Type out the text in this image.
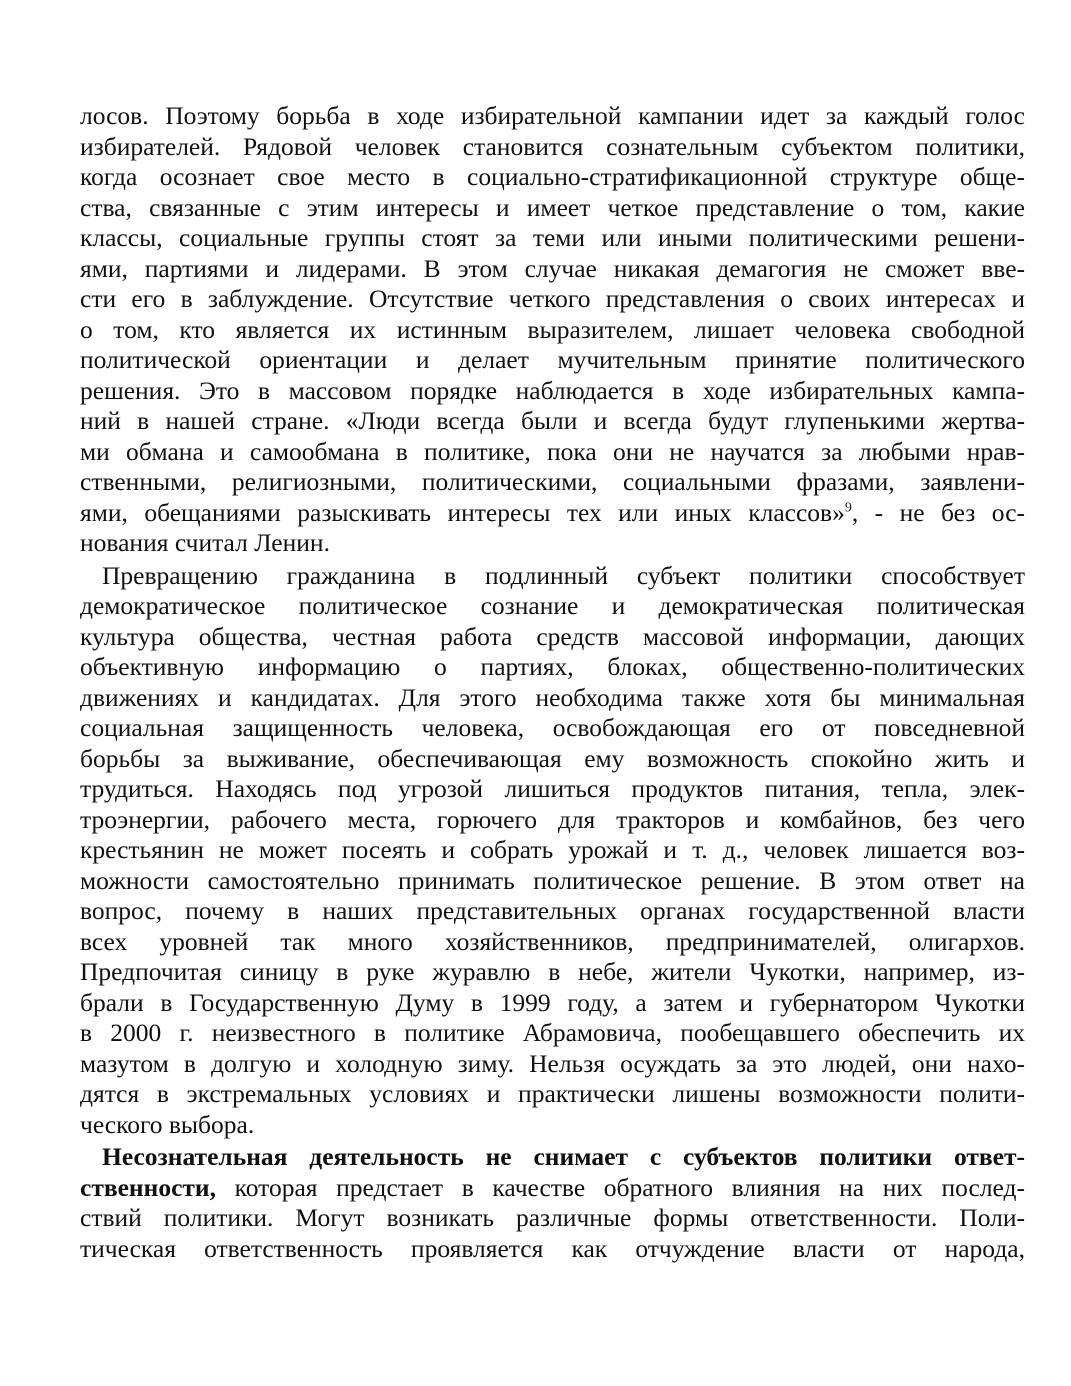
лосов. Поэтому борьба в ходе избирательной кампании идет за каждый голос
избирателей. Рядовой человек становится сознательным субъектом политики,
когда осознает свое место в социально-стратификационной структуре обще-
ства, связанные с этим интересы и имеет четкое представление о том, какие
классы, социальные группы стоят за теми или иными политическими решени-
ями, партиями и лидерами. В этом случае никакая демагогия не сможет вве-
сти его в заблуждение. Отсутствие четкого представления о своих интересах и
о том, кто является их истинным выразителем, лишает человека свободной
политической ориентации и делает мучительным принятие политического
решения. Это в массовом порядке наблюдается в ходе избирательных кампа-
ний в нашей стране. «Люди всегда были и всегда будут глупенькими жертва-
ми обмана и самообмана в политике, пока они не научатся за любыми нрав-
ственными, религиозными, политическими, социальными фразами, заявлени-
ями, обещаниями разыскивать интересы тех или иных классов»$^9$, - не без ос-
нования считал Ленин.
Превращению гражданина в подлинный субъект политики способствует
демократическое политическое сознание и демократическая политическая
культура общества, честная работа средств массовой информации, дающих
объективную информацию о партиях, блоках, общественно-политических
движениях и кандидатах. Для этого необходима также хотя бы минимальная
социальная защищенность человека, освобождающая его от повседневной
борьбы за выживание, обеспечивающая ему возможность спокойно жить и
трудиться. Находясь под угрозой лишиться продуктов питания, тепла, элек-
троэнергии, рабочего места, горючего для тракторов и комбайнов, без чего
крестьянин не может посеять и собрать урожай и т. д., человек лишается воз-
можности самостоятельно принимать политическое решение. В этом ответ на
вопрос, почему в наших представительных органах государственной власти
всех уровней так много хозяйственников, предпринимателей, олигархов.
Предпочитая синицу в руке журавлю в небе, жители Чукотки, например, из-
брали в Государственную Думу в 1999 году, а затем и губернатором Чукотки
в 2000 г. неизвестного в политике Абрамовича, пообещавшего обеспечить их
мазутом в долгую и холодную зиму. Нельзя осуждать за это людей, они нахо-
дятся в экстремальных условиях и практически лишены возможности полити-
ческого выбора.
Несознательная деятельность не снимает с субъектов политики ответ-
ственности, которая предстает в качестве обратного влияния на них послед-
ствий политики. Могут возникать различные формы ответственности. Поли-
тическая ответственность проявляется как отчуждение власти от народа,
